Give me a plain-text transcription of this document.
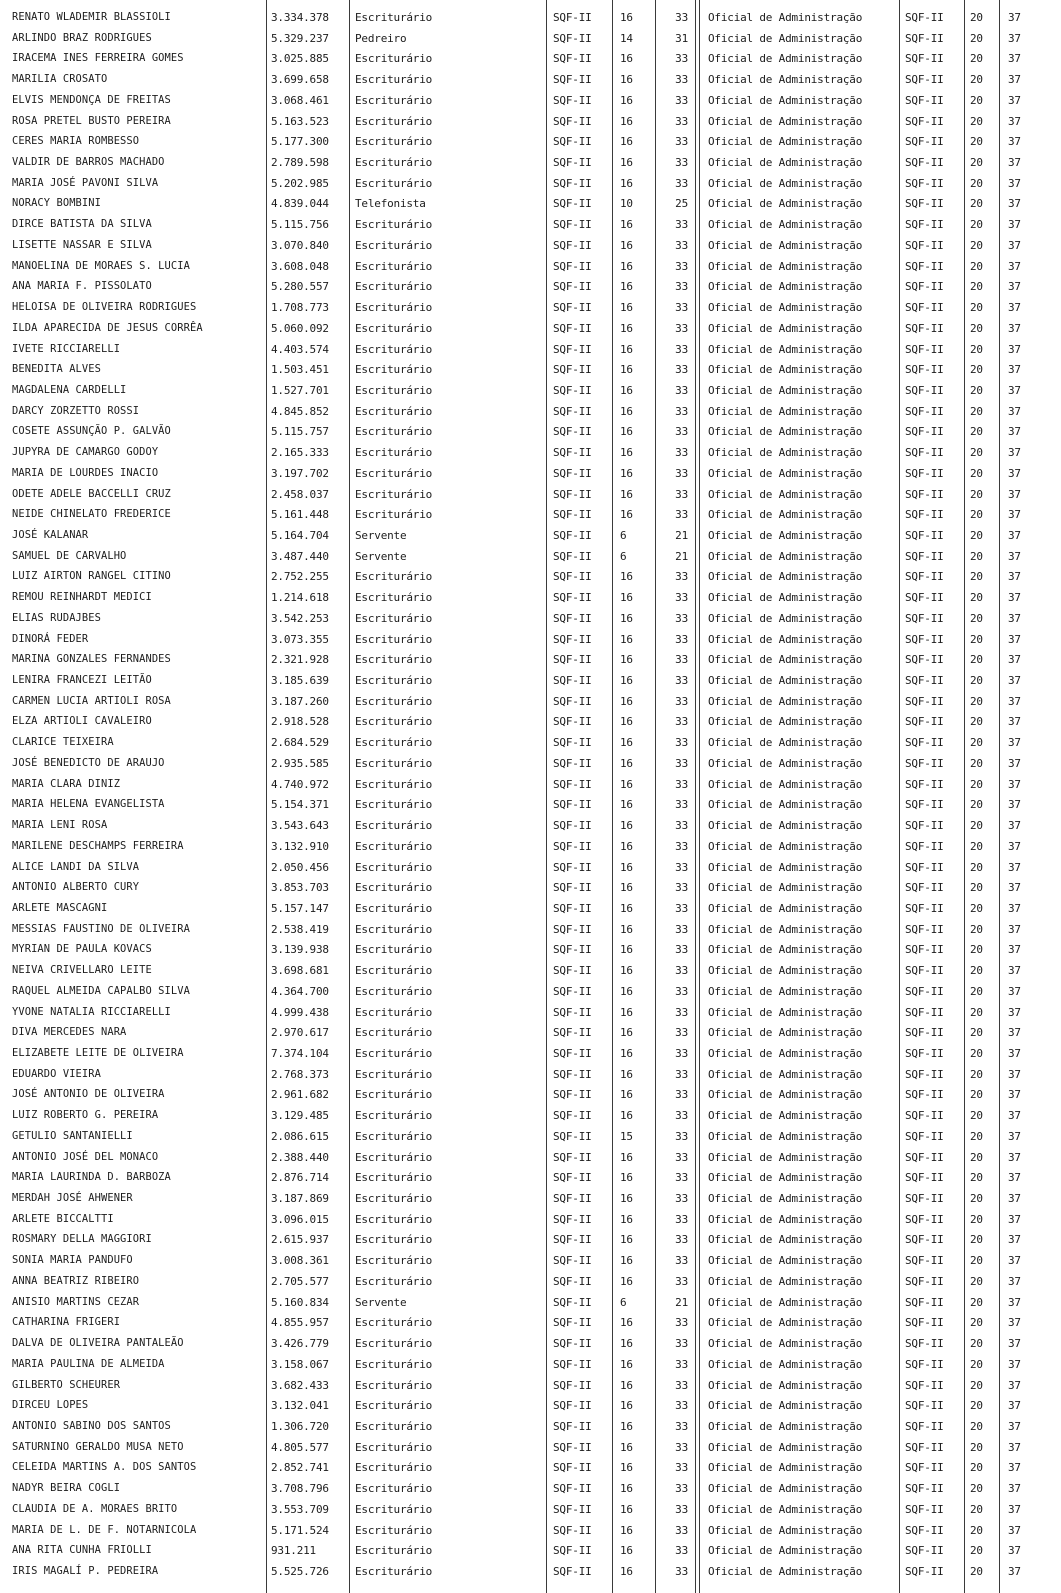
RENATO WLADEMIR BLASSIOLI	3.334.378	Escriturário	SQF-II	16	33 Oficial de Administração	SQF-II	20	37
ARLINDO BRAZ RODRIGUES	5.329.237	Pedreiro	SQF-II	14	31 Oficial de Administração	SQF-II	20	37
IRACEMA INES FERREIRA GOMES	3.025.885	Escriturário	SQF-II	16	33 Oficial de Administração	SQF-II	20	37
MARILIA CROSATO	3.699.658	Escriturário	SQF-II	16	33 Oficial de Administração	SQF-II	20	37
ELVIS MENDONÇA DE FREITAS	3.068.461	Escriturário	SQF-II	16	33 Oficial de Administração	SQF-II	20	37
ROSA PRETEL BUSTO PEREIRA	5.163.523	Escriturário	SQF-II	16	33 Oficial de Administração	SQF-II	20	37
CERES MARIA ROMBESSO	5.177.300	Escriturário	SQF-II	16	33 Oficial de Administração	SQF-II	20	37
VALDIR DE BARROS MACHADO	2.789.598	Escriturário	SQF-II	16	33 Oficial de Administração	SQF-II	20	37
MARIA JOSÉ PAVONI SILVA	5.202.985	Escriturário	SQF-II	16	33 Oficial de Administração	SQF-II	20	37
NORACY BOMBINI	4.839.044	Telefonista	SQF-II	10	25 Oficial de Administração	SQF-II	20	37
DIRCE BATISTA DA SILVA	5.115.756	Escriturário	SQF-II	16	33 Oficial de Administração	SQF-II	20	37
LISETTE NASSAR E SILVA	3.070.840	Escriturário	SQF-II	16	33 Oficial de Administração	SQF-II	20	37
MANOELINA DE MORAES S. LUCIA	3.608.048	Escriturário	SQF-II	16	33 Oficial de Administração	SQF-II	20	37
ANA MARIA F. PISSOLATO	5.280.557	Escriturário	SQF-II	16	33 Oficial de Administração	SQF-II	20	37
HELOISA DE OLIVEIRA RODRIGUES	1.708.773	Escriturário	SQF-II	16	33 Oficial de Administração	SQF-II	20	37
ILDA APARECIDA DE JESUS CORRÊA	5.060.092	Escriturário	SQF-II	16	33 Oficial de Administração	SQF-II	20	37
IVETE RICCIARELLI	4.403.574	Escriturário	SQF-II	16	33 Oficial de Administração	SQF-II	20	37
BENEDITA ALVES	1.503.451	Escriturário	SQF-II	16	33 Oficial de Administração	SQF-II	20	37
MAGDALENA CARDELLI	1.527.701	Escriturário	SQF-II	16	33 Oficial de Administração	SQF-II	20	37
DARCY ZORZETTO ROSSI	4.845.852	Escriturário	SQF-II	16	33 Oficial de Administração	SQF-II	20	37
COSETE ASSUNÇÃO P. GALVÃO	5.115.757	Escriturário	SQF-II	16	33 Oficial de Administração	SQF-II	20	37
JUPYRA DE CAMARGO GODOY	2.165.333	Escriturário	SQF-II	16	33 Oficial de Administração	SQF-II	20	37
MARIA DE LOURDES INACIO	3.197.702	Escriturário	SQF-II	16	33 Oficial de Administração	SQF-II	20	37
ODETE ADELE BACCELLI CRUZ	2.458.037	Escriturário	SQF-II	16	33 Oficial de Administração	SQF-II	20	37
NEIDE CHINELATO FREDERICE	5.161.448	Escriturário	SQF-II	16	33 Oficial de Administração	SQF-II	20	37
JOSÉ KALANAR	5.164.704	Servente	SQF-II	6	21 Oficial de Administração	SQF-II	20	37
SAMUEL DE CARVALHO	3.487.440	Servente	SQF-II	6	21 Oficial de Administração	SQF-II	20	37
LUIZ AIRTON RANGEL CITINO	2.752.255	Escriturário	SQF-II	16	33 Oficial de Administração	SQF-II	20	37
REMOU REINHARDT MEDICI	1.214.618	Escriturário	SQF-II	16	33 Oficial de Administração	SQF-II	20	37
ELIAS RUDAJBES	3.542.253	Escriturário	SQF-II	16	33 Oficial de Administração	SQF-II	20	37
DINORÁ FEDER	3.073.355	Escriturário	SQF-II	16	33 Oficial de Administração	SQF-II	20	37
MARINA GONZALES FERNANDES	2.321.928	Escriturário	SQF-II	16	33 Oficial de Administração	SQF-II	20	37
LENIRA FRANCEZI LEITÃO	3.185.639	Escriturário	SQF-II	16	33 Oficial de Administração	SQF-II	20	37
CARMEN LUCIA ARTIOLI ROSA	3.187.260	Escriturário	SQF-II	16	33 Oficial de Administração	SQF-II	20	37
ELZA ARTIOLI CAVALEIRO	2.918.528	Escriturário	SQF-II	16	33 Oficial de Administração	SQF-II	20	37
CLARICE TEIXEIRA	2.684.529	Escriturário	SQF-II	16	33 Oficial de Administração	SQF-II	20	37
JOSÉ BENEDICTO DE ARAUJO	2.935.585	Escriturário	SQF-II	16	33 Oficial de Administração	SQF-II	20	37
MARIA CLARA DINIZ	4.740.972	Escriturário	SQF-II	16	33 Oficial de Administração	SQF-II	20	37
MARIA HELENA EVANGELISTA	5.154.371	Escriturário	SQF-II	16	33 Oficial de Administração	SQF-II	20	37
MARIA LENI ROSA	3.543.643	Escriturário	SQF-II	16	33 Oficial de Administração	SQF-II	20	37
MARILENE DESCHAMPS FERREIRA	3.132.910	Escriturário	SQF-II	16	33 Oficial de Administração	SQF-II	20	37
ALICE LANDI DA SILVA	2.050.456	Escriturário	SQF-II	16	33 Oficial de Administração	SQF-II	20	37
ANTONIO ALBERTO CURY	3.853.703	Escriturário	SQF-II	16	33 Oficial de Administração	SQF-II	20	37
ARLETE MASCAGNI	5.157.147	Escriturário	SQF-II	16	33 Oficial de Administração	SQF-II	20	37
MESSIAS FAUSTINO DE OLIVEIRA	2.538.419	Escriturário	SQF-II	16	33 Oficial de Administração	SQF-II	20	37
MYRIAN DE PAULA KOVACS	3.139.938	Escriturário	SQF-II	16	33 Oficial de Administração	SQF-II	20	37
NEIVA CRIVELLARO LEITE	3.698.681	Escriturário	SQF-II	16	33 Oficial de Administração	SQF-II	20	37
RAQUEL ALMEIDA CAPALBO SILVA	4.364.700	Escriturário	SQF-II	16	33 Oficial de Administração	SQF-II	20	37
YVONE NATALIA RICCIARELLI	4.999.438	Escriturário	SQF-II	16	33 Oficial de Administração	SQF-II	20	37
DIVA MERCEDES NARA	2.970.617	Escriturário	SQF-II	16	33 Oficial de Administração	SQF-II	20	37
ELIZABETE LEITE DE OLIVEIRA	7.374.104	Escriturário	SQF-II	16	33 Oficial de Administração	SQF-II	20	37
EDUARDO VIEIRA	2.768.373	Escriturário	SQF-II	16	33 Oficial de Administração	SQF-II	20	37
JOSÉ ANTONIO DE OLIVEIRA	2.961.682	Escriturário	SQF-II	16	33 Oficial de Administração	SQF-II	20	37
LUIZ ROBERTO G. PEREIRA	3.129.485	Escriturário	SQF-II	16	33 Oficial de Administração	SQF-II	20	37
GETULIO SANTANIELLI	2.086.615	Escriturário	SQF-II	15	33 Oficial de Administração	SQF-II	20	37
ANTONIO JOSÉ DEL MONACO	2.388.440	Escriturário	SQF-II	16	33 Oficial de Administração	SQF-II	20	37
MARIA LAURINDA D. BARBOZA	2.876.714	Escriturário	SQF-II	16	33 Oficial de Administração	SQF-II	20	37
MERDAH JOSÉ AHWENER	3.187.869	Escriturário	SQF-II	16	33 Oficial de Administração	SQF-II	20	37
ARLETE BICCALTTI	3.096.015	Escriturário	SQF-II	16	33 Oficial de Administração	SQF-II	20	37
ROSMARY DELLA MAGGIORI	2.615.937	Escriturário	SQF-II	16	33 Oficial de Administração	SQF-II	20	37
SONIA MARIA PANDUFO	3.008.361	Escriturário	SQF-II	16	33 Oficial de Administração	SQF-II	20	37
ANNA BEATRIZ RIBEIRO	2.705.577	Escriturário	SQF-II	16	33 Oficial de Administração	SQF-II	20	37
ANISIO MARTINS CEZAR	5.160.834	Servente	SQF-II	6	21 Oficial de Administração	SQF-II	20	37
CATHARINA FRIGERI	4.855.957	Escriturário	SQF-II	16	33 Oficial de Administração	SQF-II	20	37
DALVA DE OLIVEIRA PANTALEÃO	3.426.779	Escriturário	SQF-II	16	33 Oficial de Administração	SQF-II	20	37
MARIA PAULINA DE ALMEIDA	3.158.067	Escriturário	SQF-II	16	33 Oficial de Administração	SQF-II	20	37
GILBERTO SCHEURER	3.682.433	Escriturário	SQF-II	16	33 Oficial de Administração	SQF-II	20	37
DIRCEU LOPES	3.132.041	Escriturário	SQF-II	16	33 Oficial de Administração	SQF-II	20	37
ANTONIO SABINO DOS SANTOS	1.306.720	Escriturário	SQF-II	16	33 Oficial de Administração	SQF-II	20	37
SATURNINO GERALDO MUSA NETO	4.805.577	Escriturário	SQF-II	16	33 Oficial de Administração	SQF-II	20	37
CELEIDA MARTINS A. DOS SANTOS	2.852.741	Escriturário	SQF-II	16	33 Oficial de Administração	SQF-II	20	37
NADYR BEIRA COGLI	3.708.796	Escriturário	SQF-II	16	33 Oficial de Administração	SQF-II	20	37
CLAUDIA DE A. MORAES BRITO	3.553.709	Escriturário	SQF-II	16	33 Oficial de Administração	SQF-II	20	37
MARIA DE L. DE F. NOTARNICOLA	5.171.524	Escriturário	SQF-II	16	33 Oficial de Administração	SQF-II	20	37
ANA RITA CUNHA FRIOLLI	931.211	Escriturário	SQF-II	16	33 Oficial de Administração	SQF-II	20	37
IRIS MAGALÍ P. PEDREIRA	5.525.726	Escriturário	SQF-II	16	33 Oficial de Administração	SQF-II	20	37
